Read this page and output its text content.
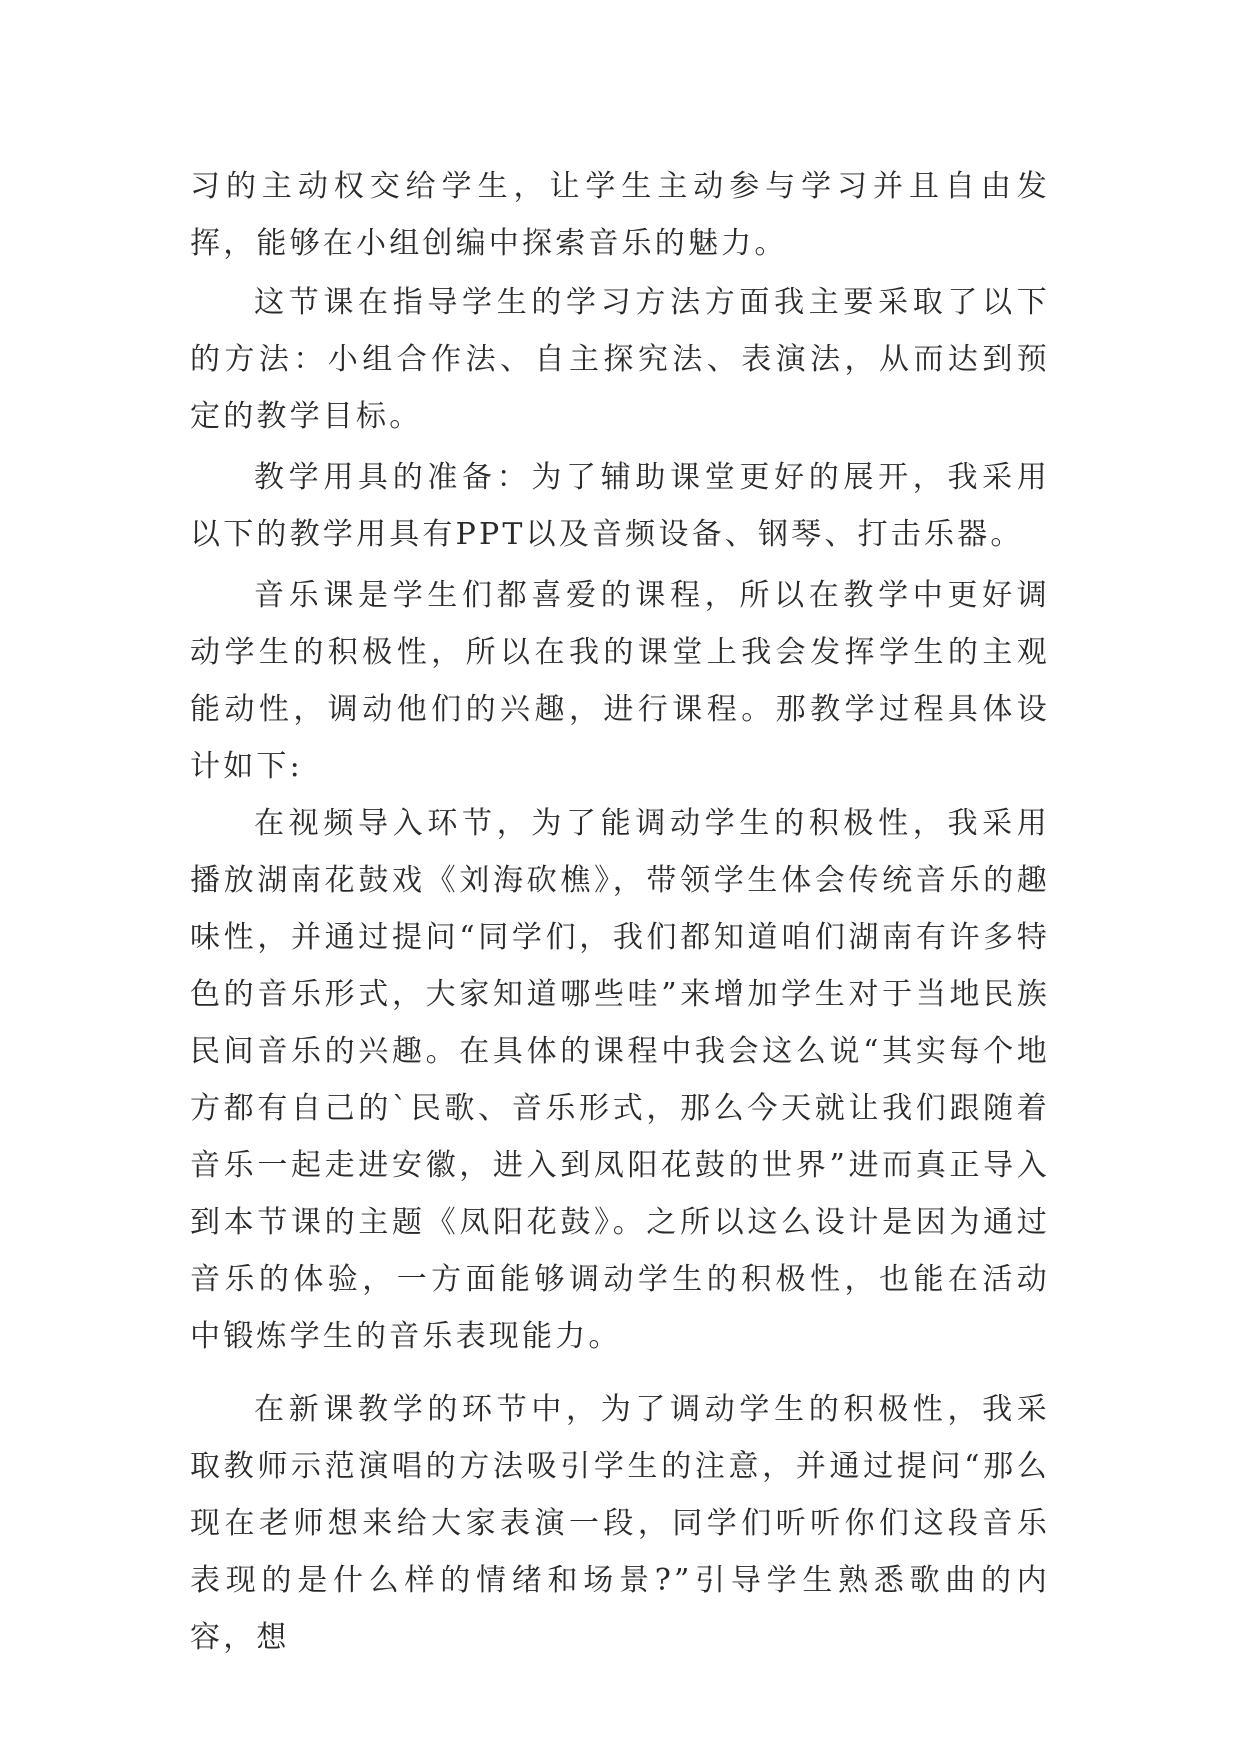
习的主动权交给学生，让学生主动参与学习并且自由发挥，能够在小组创编中探索音乐的魅力。

这节课在指导学生的学习方法方面我主要采取了以下的方法：小组合作法、自主探究法、表演法，从而达到预定的教学目标。

教学用具的准备：为了辅助课堂更好的展开，我采用以下的教学用具有PPT以及音频设备、钢琴、打击乐器。

音乐课是学生们都喜爱的课程，所以在教学中更好调动学生的积极性，所以在我的课堂上我会发挥学生的主观能动性，调动他们的兴趣，进行课程。那教学过程具体设计如下:

在视频导入环节，为了能调动学生的积极性，我采用播放湖南花鼓戏《刘海砍樵》，带领学生体会传统音乐的趣味性，并通过提问“同学们，我们都知道咱们湖南有许多特色的音乐形式，大家知道哪些哇”来增加学生对于当地民族民间音乐的兴趣。在具体的课程中我会这么说“其实每个地方都有自己的`民歌、音乐形式，那么今天就让我们跟随着音乐一起走进安徽，进入到凤阳花鼓的世界”进而真正导入到本节课的主题《凤阳花鼓》。之所以这么设计是因为通过音乐的体验，一方面能够调动学生的积极性，也能在活动中锻炼学生的音乐表现能力。

在新课教学的环节中，为了调动学生的积极性，我采取教师示范演唱的方法吸引学生的注意，并通过提问“那么现在老师想来给大家表演一段，同学们听听你们这段音乐表现的是什么样的情绪和场景?”引导学生熟悉歌曲的内容，想
